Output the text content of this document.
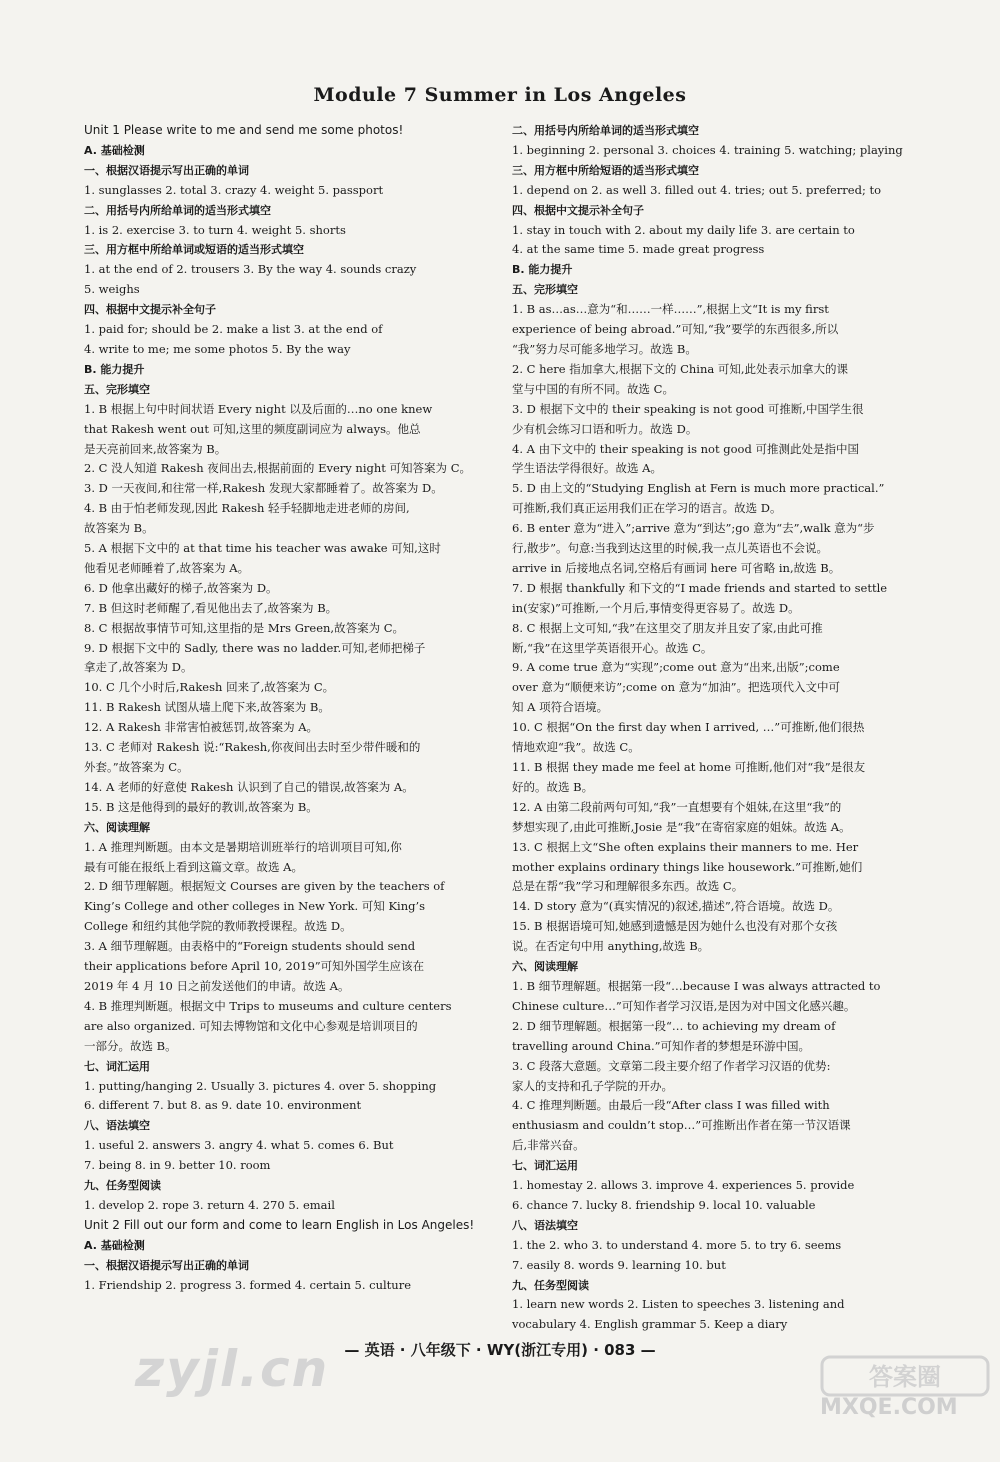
Module 7 Summer in Los Angeles
Unit 1 Please write to me and send me some photos!
A. 基础检测
一、根据汉语提示写出正确的单词
1. sunglasses 2. total 3. crazy 4. weight 5. passport
二、用括号内所给单词的适当形式填空
1. is 2. exercise 3. to turn 4. weight 5. shorts
三、用方框中所给单词或短语的适当形式填空
1. at the end of 2. trousers 3. By the way 4. sounds crazy
5. weighs
四、根据中文提示补全句子
1. paid for; should be 2. make a list 3. at the end of
4. write to me; me some photos 5. By the way
B. 能力提升
五、完形填空
1. B 根据上句中时间状语 Every night 以及后面的…no one knew
that Rakesh went out 可知,这里的频度副词应为 always。他总
是天亮前回来,故答案为 B。
2. C 没人知道 Rakesh 夜间出去,根据前面的 Every night 可知答案为 C。
3. D 一天夜间,和往常一样,Rakesh 发现大家都睡着了。故答案为 D。
4. B 由于怕老师发现,因此 Rakesh 轻手轻脚地走进老师的房间,
故答案为 B。
5. A 根据下文中的 at that time his teacher was awake 可知,这时
他看见老师睡着了,故答案为 A。
6. D 他拿出藏好的梯子,故答案为 D。
7. B 但这时老师醒了,看见他出去了,故答案为 B。
8. C 根据故事情节可知,这里指的是 Mrs Green,故答案为 C。
9. D 根据下文中的 Sadly, there was no ladder.可知,老师把梯子
拿走了,故答案为 D。
10. C 几个小时后,Rakesh 回来了,故答案为 C。
11. B Rakesh 试图从墙上爬下来,故答案为 B。
12. A Rakesh 非常害怕被惩罚,故答案为 A。
13. C 老师对 Rakesh 说:“Rakesh,你夜间出去时至少带件暖和的
外套。”故答案为 C。
14. A 老师的好意使 Rakesh 认识到了自己的错误,故答案为 A。
15. B 这是他得到的最好的教训,故答案为 B。
六、阅读理解
1. A 推理判断题。由本文是暑期培训班举行的培训项目可知,你
最有可能在报纸上看到这篇文章。故选 A。
2. D 细节理解题。根据短文 Courses are given by the teachers of
King’s College and other colleges in New York. 可知 King’s
College 和纽约其他学院的教师教授课程。故选 D。
3. A 细节理解题。由表格中的“Foreign students should send
their applications before April 10, 2019”可知外国学生应该在
2019 年 4 月 10 日之前发送他们的申请。故选 A。
4. B 推理判断题。根据文中 Trips to museums and culture centers
are also organized. 可知去博物馆和文化中心参观是培训项目的
一部分。故选 B。
七、词汇运用
1. putting/hanging 2. Usually 3. pictures 4. over 5. shopping
6. different 7. but 8. as 9. date 10. environment
八、语法填空
1. useful 2. answers 3. angry 4. what 5. comes 6. But
7. being 8. in 9. better 10. room
九、任务型阅读
1. develop 2. rope 3. return 4. 270 5. email
Unit 2 Fill out our form and come to learn English in Los Angeles!
A. 基础检测
一、根据汉语提示写出正确的单词
1. Friendship 2. progress 3. formed 4. certain 5. culture
二、用括号内所给单词的适当形式填空
1. beginning 2. personal 3. choices 4. training 5. watching; playing
三、用方框中所给短语的适当形式填空
1. depend on 2. as well 3. filled out 4. tries; out 5. preferred; to
四、根据中文提示补全句子
1. stay in touch with 2. about my daily life 3. are certain to
4. at the same time 5. made great progress
B. 能力提升
五、完形填空
1. B as…as…意为“和……一样……”,根据上文“It is my first
experience of being abroad.”可知,“我”要学的东西很多,所以
“我”努力尽可能多地学习。故选 B。
2. C here 指加拿大,根据下文的 China 可知,此处表示加拿大的课
堂与中国的有所不同。故选 C。
3. D 根据下文中的 their speaking is not good 可推断,中国学生很
少有机会练习口语和听力。故选 D。
4. A 由下文中的 their speaking is not good 可推测此处是指中国
学生语法学得很好。故选 A。
5. D 由上文的“Studying English at Fern is much more practical.”
可推断,我们真正运用我们正在学习的语言。故选 D。
6. B enter 意为“进入”;arrive 意为“到达”;go 意为“去”,walk 意为“步
行,散步”。句意:当我到达这里的时候,我一点儿英语也不会说。
arrive in 后接地点名词,空格后有画词 here 可省略 in,故选 B。
7. D 根据 thankfully 和下文的“I made friends and started to settle
in(安家)”可推断,一个月后,事情变得更容易了。故选 D。
8. C 根据上文可知,“我”在这里交了朋友并且安了家,由此可推
断,“我”在这里学英语很开心。故选 C。
9. A come true 意为“实现”;come out 意为“出来,出版”;come
over 意为“顺便来访”;come on 意为“加油”。把选项代入文中可
知 A 项符合语境。
10. C 根据“On the first day when I arrived, …”可推断,他们很热
情地欢迎“我”。故选 C。
11. B 根据 they made me feel at home 可推断,他们对“我”是很友
好的。故选 B。
12. A 由第二段前两句可知,“我”一直想要有个姐妹,在这里“我”的
梦想实现了,由此可推断,Josie 是“我”在寄宿家庭的姐妹。故选 A。
13. C 根据上文“She often explains their manners to me. Her
mother explains ordinary things like housework.”可推断,她们
总是在帮“我”学习和理解很多东西。故选 C。
14. D story 意为“(真实情况的)叙述,描述”,符合语境。故选 D。
15. B 根据语境可知,她感到遗憾是因为她什么也没有对那个女孩
说。在否定句中用 anything,故选 B。
六、阅读理解
1. B 细节理解题。根据第一段“…because I was always attracted to
Chinese culture…”可知作者学习汉语,是因为对中国文化感兴趣。
2. D 细节理解题。根据第一段“… to achieving my dream of
travelling around China.”可知作者的梦想是环游中国。
3. C 段落大意题。文章第二段主要介绍了作者学习汉语的优势:
家人的支持和孔子学院的开办。
4. C 推理判断题。由最后一段“After class I was filled with
enthusiasm and couldn’t stop…”可推断出作者在第一节汉语课
后,非常兴奋。
七、词汇运用
1. homestay 2. allows 3. improve 4. experiences 5. provide
6. chance 7. lucky 8. friendship 9. local 10. valuable
八、语法填空
1. the 2. who 3. to understand 4. more 5. to try 6. seems
7. easily 8. words 9. learning 10. but
九、任务型阅读
1. learn new words 2. Listen to speeches 3. listening and
vocabulary 4. English grammar 5. Keep a diary
— 英语 · 八年级下 · WY(浙江专用) · 083 —
zyjl.cn	答案圈
MXQE.COM
